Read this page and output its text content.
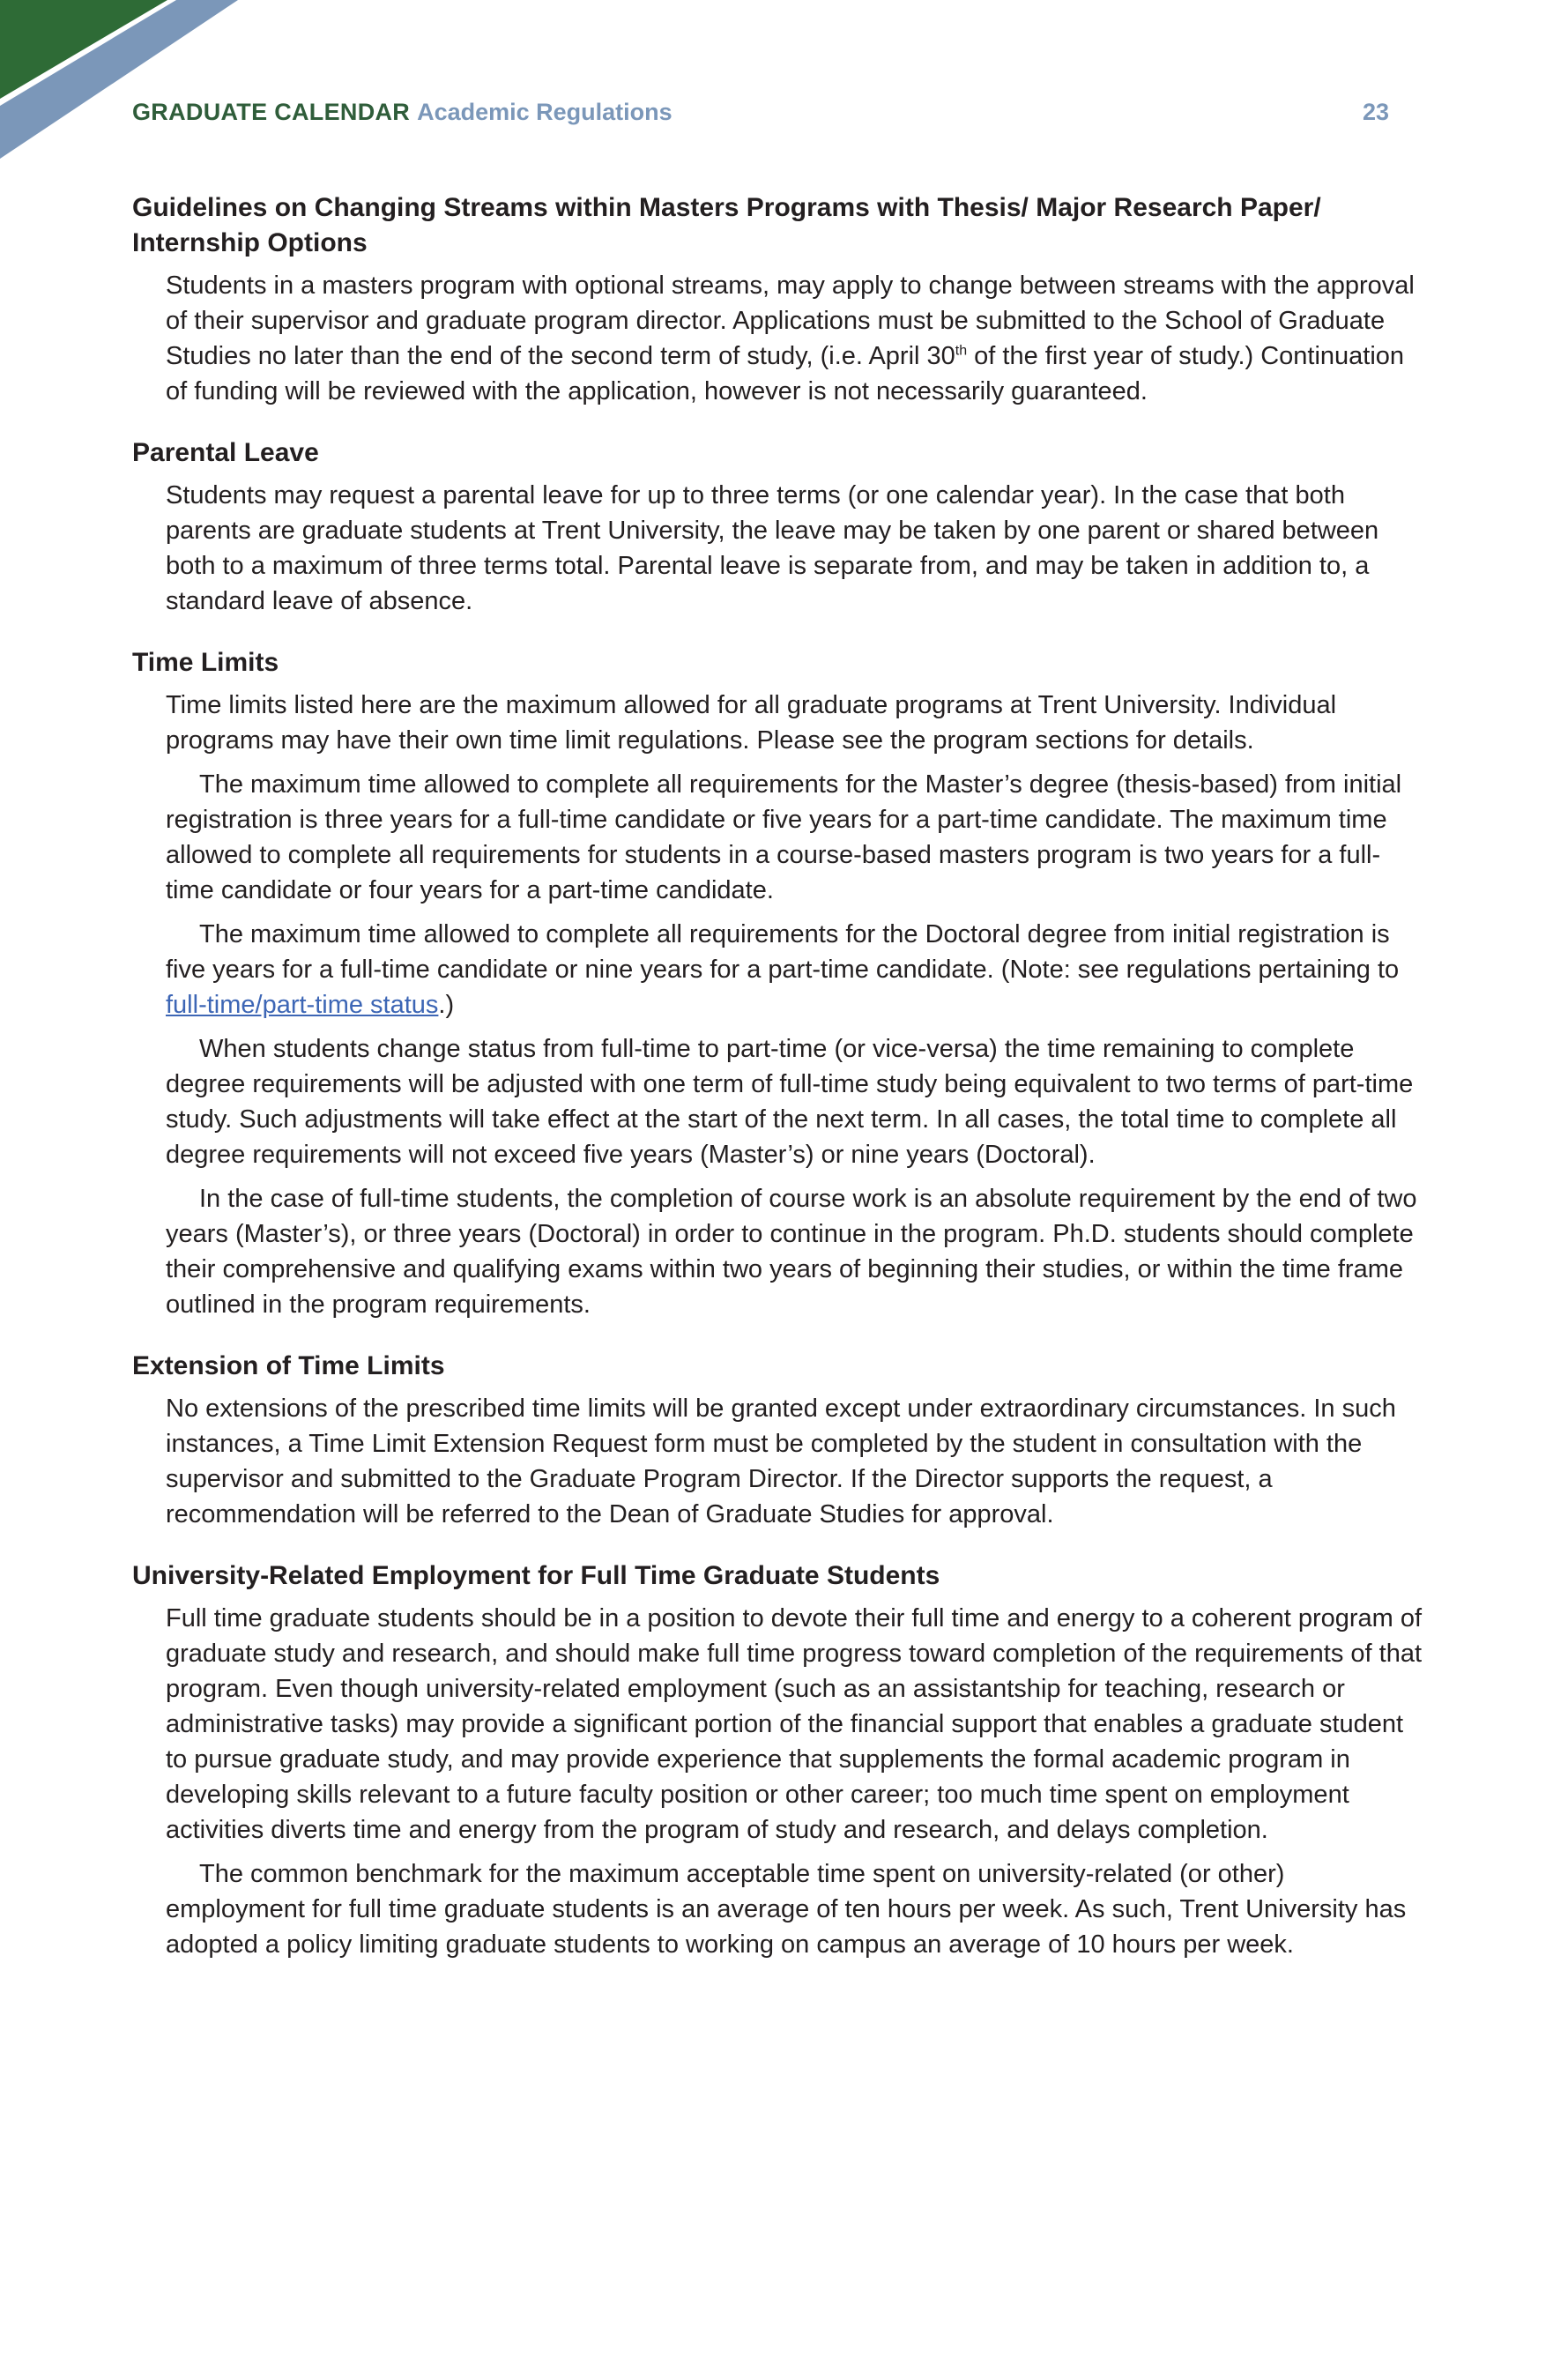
GRADUATE CALENDAR Academic Regulations	23
Guidelines on Changing Streams within Masters Programs with Thesis/ Major Research Paper/ Internship Options

Students in a masters program with optional streams, may apply to change between streams with the approval of their supervisor and graduate program director. Applications must be submitted to the School of Graduate Studies no later than the end of the second term of study, (i.e. April 30th of the first year of study.) Continuation of funding will be reviewed with the application, however is not necessarily guaranteed.

Parental Leave

Students may request a parental leave for up to three terms (or one calendar year). In the case that both parents are graduate students at Trent University, the leave may be taken by one parent or shared between both to a maximum of three terms total. Parental leave is separate from, and may be taken in addition to, a standard leave of absence.

Time Limits

Time limits listed here are the maximum allowed for all graduate programs at Trent University. Individual programs may have their own time limit regulations. Please see the program sections for details.

The maximum time allowed to complete all requirements for the Master’s degree (thesis-based) from initial registration is three years for a full-time candidate or five years for a part-time candidate. The maximum time allowed to complete all requirements for students in a course-based masters program is two years for a full-time candidate or four years for a part-time candidate.

The maximum time allowed to complete all requirements for the Doctoral degree from initial registration is five years for a full-time candidate or nine years for a part-time candidate. (Note: see regulations pertaining to full-time/part-time status.)

When students change status from full-time to part-time (or vice-versa) the time remaining to complete degree requirements will be adjusted with one term of full-time study being equivalent to two terms of part-time study. Such adjustments will take effect at the start of the next term. In all cases, the total time to complete all degree requirements will not exceed five years (Master’s) or nine years (Doctoral).

In the case of full-time students, the completion of course work is an absolute requirement by the end of two years (Master’s), or three years (Doctoral) in order to continue in the program. Ph.D. students should complete their comprehensive and qualifying exams within two years of beginning their studies, or within the time frame outlined in the program requirements.

Extension of Time Limits

No extensions of the prescribed time limits will be granted except under extraordinary circumstances. In such instances, a Time Limit Extension Request form must be completed by the student in consultation with the supervisor and submitted to the Graduate Program Director. If the Director supports the request, a recommendation will be referred to the Dean of Graduate Studies for approval.

University-Related Employment for Full Time Graduate Students

Full time graduate students should be in a position to devote their full time and energy to a coherent program of graduate study and research, and should make full time progress toward completion of the requirements of that program. Even though university-related employment (such as an assistantship for teaching, research or administrative tasks) may provide a significant portion of the financial support that enables a graduate student to pursue graduate study, and may provide experience that supplements the formal academic program in developing skills relevant to a future faculty position or other career; too much time spent on employment activities diverts time and energy from the program of study and research, and delays completion.

The common benchmark for the maximum acceptable time spent on university-related (or other) employment for full time graduate students is an average of ten hours per week. As such, Trent University has adopted a policy limiting graduate students to working on campus an average of 10 hours per week.
